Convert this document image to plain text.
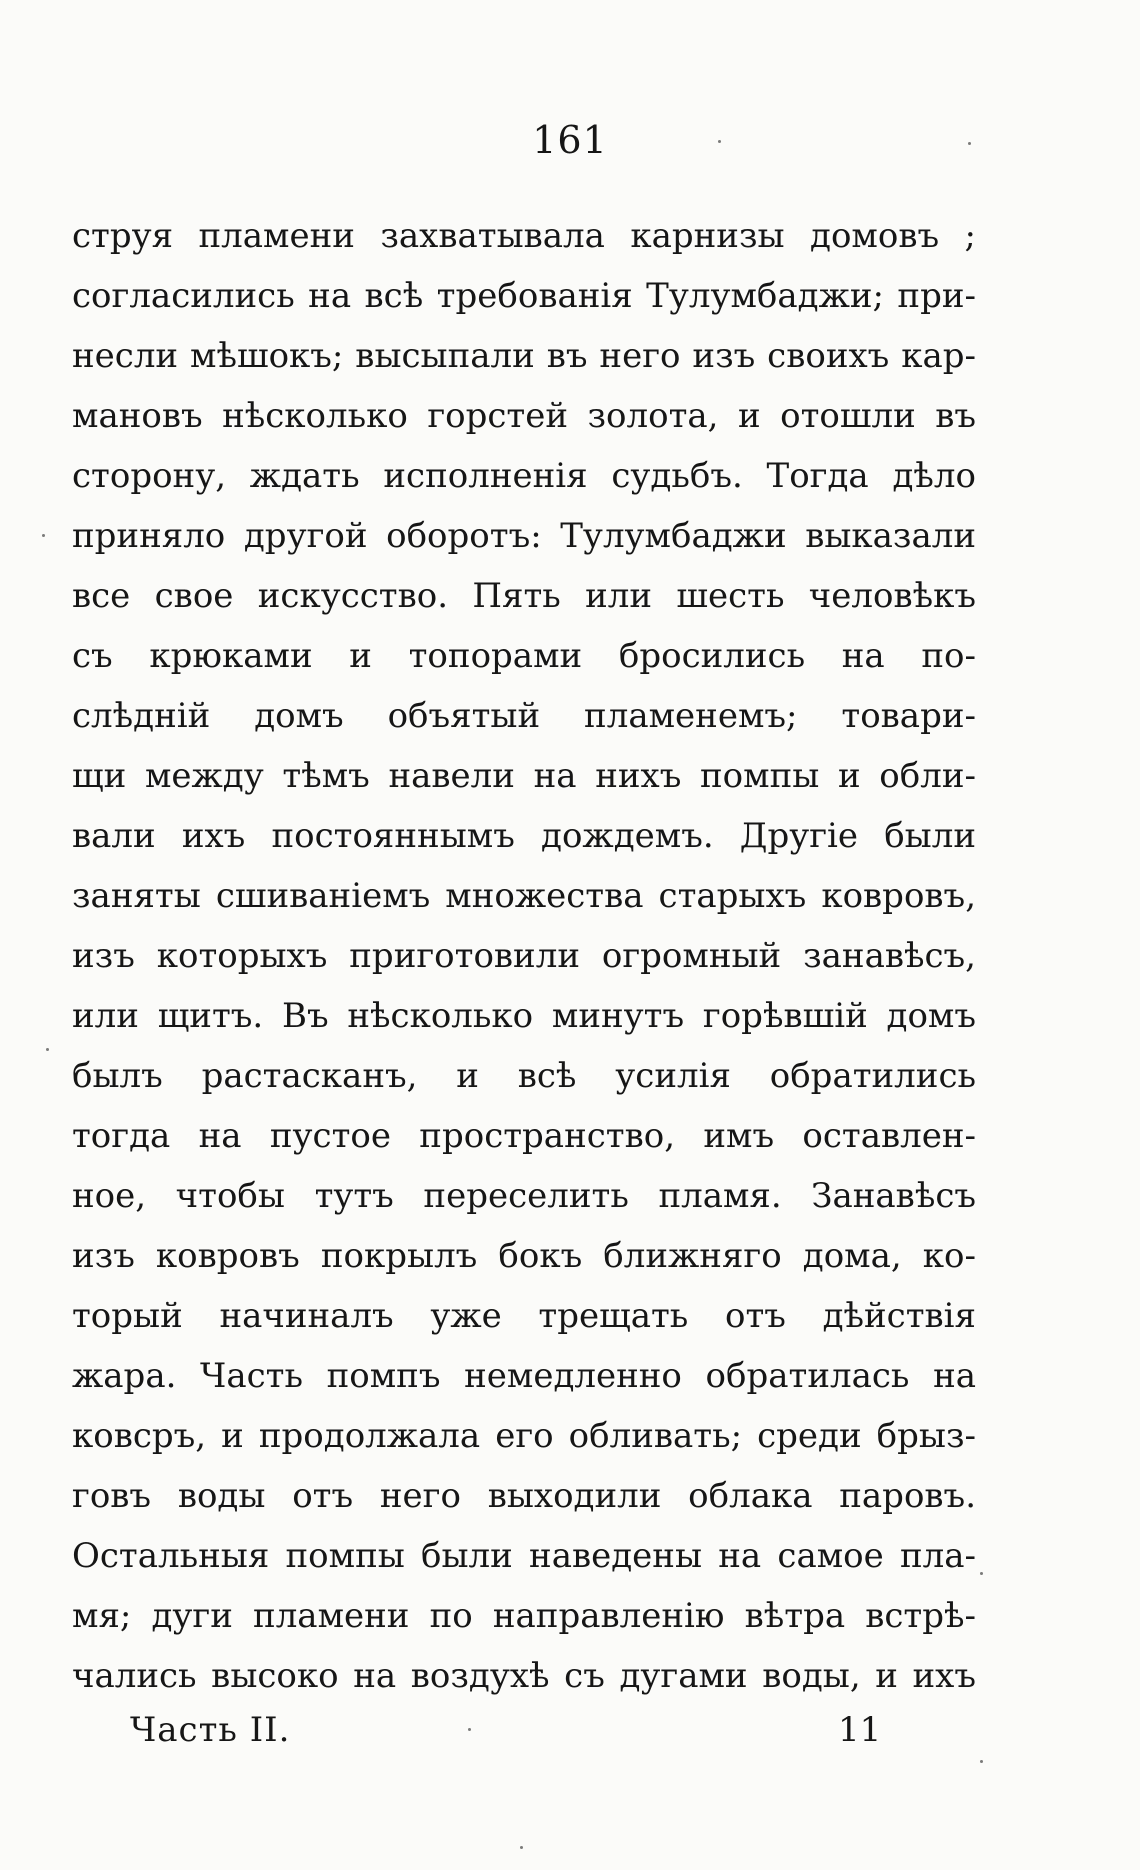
161
струя пламени захватывала карнизы домовъ ;
согласились на всѣ требованія Тулумбаджи; при-
несли мѣшокъ; высыпали въ него изъ своихъ кар-
мановъ нѣсколько горстей золота, и отошли въ
сторону, ждать исполненія судьбъ. Тогда дѣло
приняло другой оборотъ: Тулумбаджи выказали
все свое искусство. Пять или шесть человѣкъ
съ крюками и топорами бросились на по-
слѣдній домъ объятый пламенемъ; товари-
щи между тѣмъ навели на нихъ помпы и обли-
вали ихъ постояннымъ дождемъ. Другіе были
заняты сшиваніемъ множества старыхъ ковровъ,
изъ которыхъ приготовили огромный занавѣсъ,
или щитъ. Въ нѣсколько минутъ горѣвшій домъ
былъ растасканъ, и всѣ усилія обратились
тогда на пустое пространство, имъ оставлен-
ное, чтобы тутъ переселить пламя. Занавѣсъ
изъ ковровъ покрылъ бокъ ближняго дома, ко-
торый начиналъ уже трещать отъ дѣйствія
жара. Часть помпъ немедленно обратилась на
ковсръ, и продолжала его обливать; среди брыз-
говъ воды отъ него выходили облака паровъ.
Остальныя помпы были наведены на самое пла-
мя; дуги пламени по направленію вѣтра встрѣ-
чались высоко на воздухѣ съ дугами воды, и ихъ
Часть II.	11
